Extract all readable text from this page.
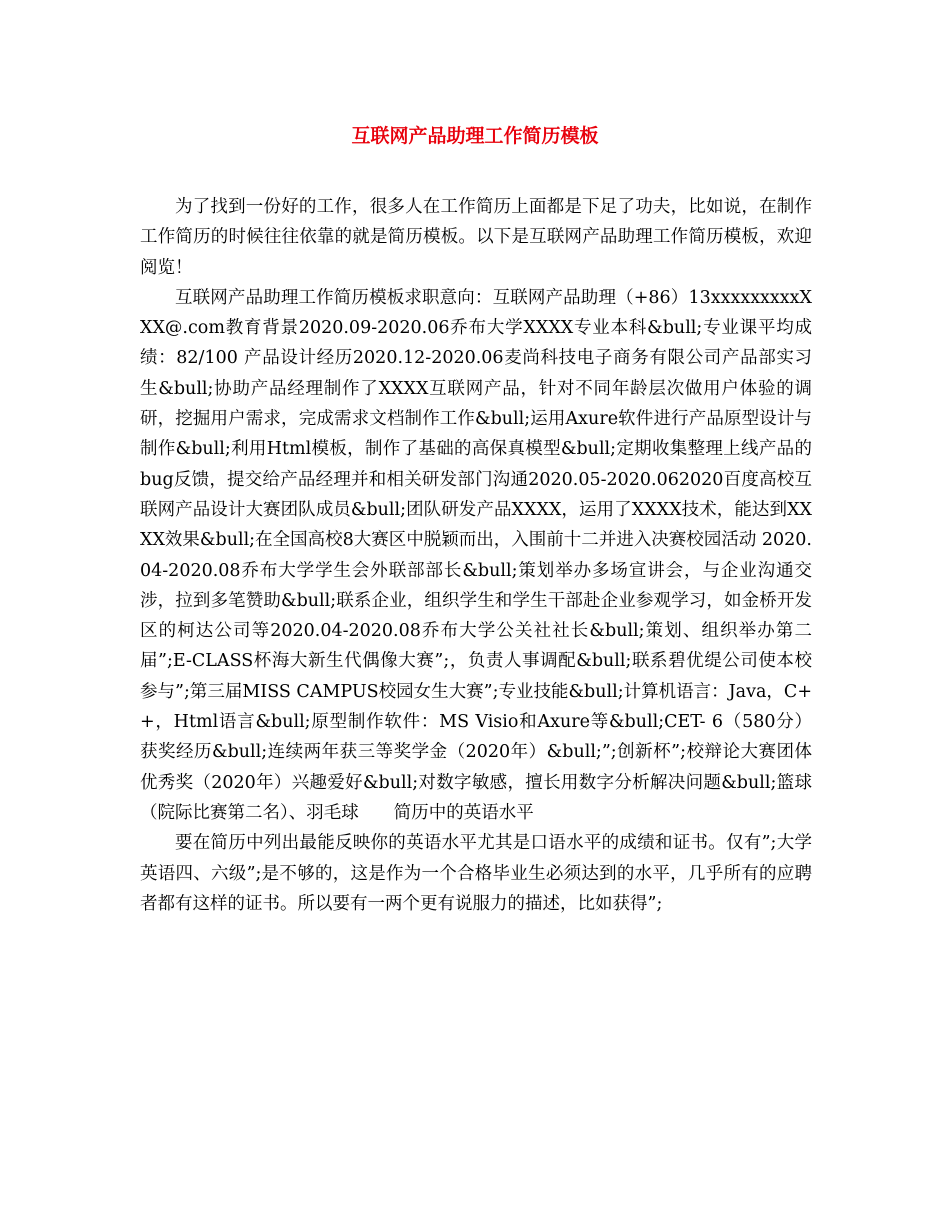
互联网产品助理工作简历模板

为了找到一份好的工作，很多人在工作简历上面都是下足了功夫，比如说，在制作工作简历的时候往往依靠的就是简历模板。以下是互联网产品助理工作简历模板，欢迎阅览！

互联网产品助理工作简历模板求职意向：互联网产品助理（+86）13xxxxxxxxxXXX@.com教育背景2020.09-2020.06乔布大学XXXX专业本科&bull;专业课平均成绩：82/100 产品设计经历2020.12-2020.06麦尚科技电子商务有限公司产品部实习生&bull;协助产品经理制作了XXXX互联网产品，针对不同年龄层次做用户体验的调研，挖掘用户需求，完成需求文档制作工作&bull;运用Axure软件进行产品原型设计与制作&bull;利用Html模板，制作了基础的高保真模型&bull;定期收集整理上线产品的bug反馈，提交给产品经理并和相关研发部门沟通2020.05-2020.062020百度高校互联网产品设计大赛团队成员&bull;团队研发产品XXXX，运用了XXXX技术，能达到XXXX效果&bull;在全国高校8大赛区中脱颖而出，入围前十二并进入决赛校园活动 2020.04-2020.08乔布大学学生会外联部部长&bull;策划举办多场宣讲会，与企业沟通交涉，拉到多笔赞助&bull;联系企业，组织学生和学生干部赴企业参观学习，如金桥开发区的柯达公司等2020.04-2020.08乔布大学公关社社长&bull;策划、组织举办第二届”;E-CLASS杯海大新生代偶像大赛”;，负责人事调配&bull;联系碧优缇公司使本校参与”;第三届MISS CAMPUS校园女生大赛”;专业技能&bull;计算机语言：Java，C++，Html语言&bull;原型制作软件：MS Visio和Axure等&bull;CET- 6（580分）获奖经历&bull;连续两年获三等奖学金（2020年）&bull;”;创新杯”;校辩论大赛团体优秀奖（2020年）兴趣爱好&bull;对数字敏感，擅长用数字分析解决问题&bull;篮球（院际比赛第二名）、羽毛球　　简历中的英语水平

要在简历中列出最能反映你的英语水平尤其是口语水平的成绩和证书。仅有”;大学英语四、六级”;是不够的，这是作为一个合格毕业生必须达到的水平，几乎所有的应聘者都有这样的证书。所以要有一两个更有说服力的描述，比如获得”;
